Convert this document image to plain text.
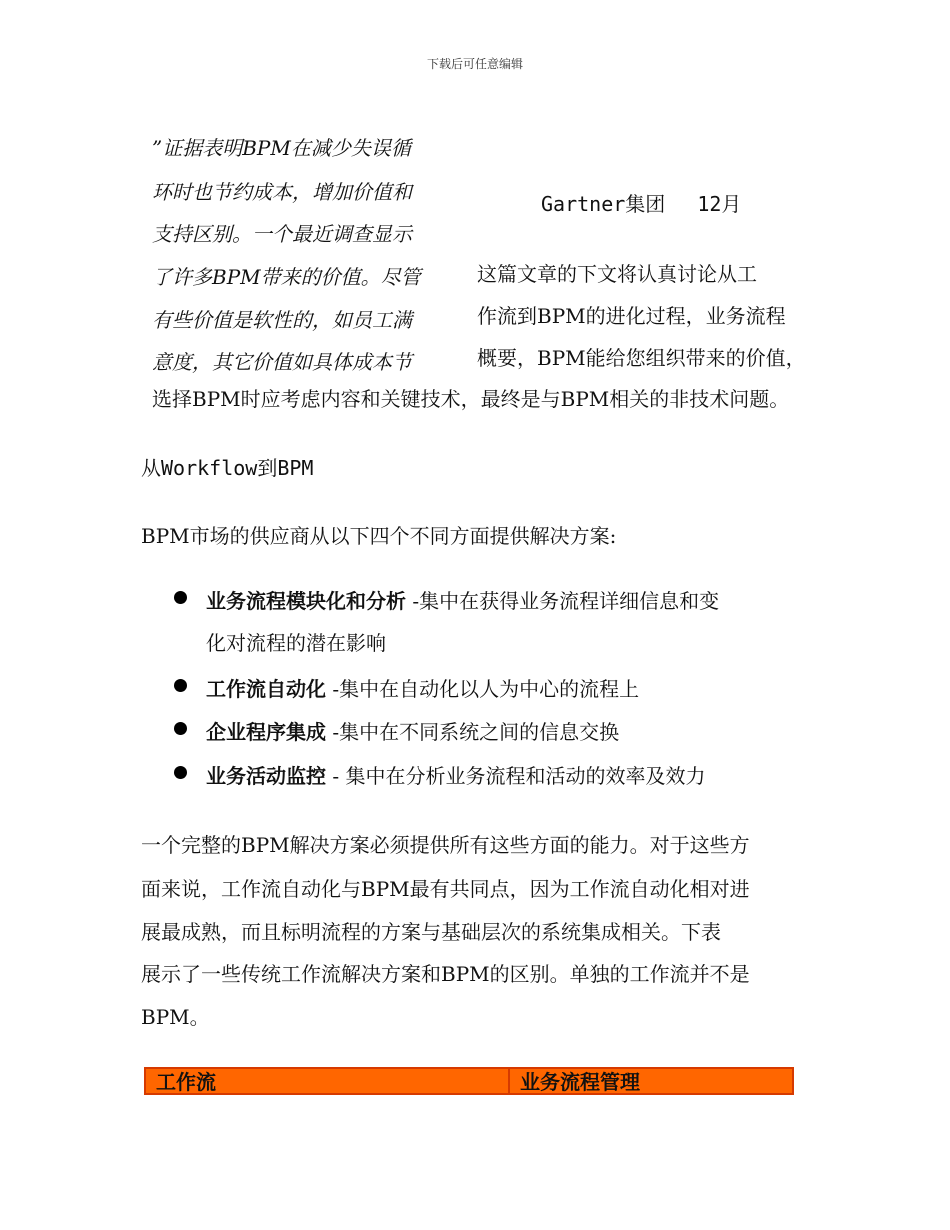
下载后可任意编辑
”证据表明BPM在减少失误循
环时也节约成本，增加价值和
支持区别。一个最近调查显示
了许多BPM带来的价值。尽管
有些价值是软性的，如员工满
意度，其它价值如具体成本节
Gartner集团　 12月
这篇文章的下文将认真讨论从工
作流到BPM的进化过程，业务流程
概要，BPM能给您组织带来的价值，
选择BPM时应考虑内容和关键技术，最终是与BPM相关的非技术问题。
从Workflow到BPM
BPM市场的供应商从以下四个不同方面提供解决方案:
业务流程模块化和分析 -集中在获得业务流程详细信息和变
化对流程的潜在影响
工作流自动化 -集中在自动化以人为中心的流程上
企业程序集成 -集中在不同系统之间的信息交换
业务活动监控 - 集中在分析业务流程和活动的效率及效力
一个完整的BPM解决方案必须提供所有这些方面的能力。对于这些方
面来说，工作流自动化与BPM最有共同点，因为工作流自动化相对进
展最成熟，而且标明流程的方案与基础层次的系统集成相关。下表
展示了一些传统工作流解决方案和BPM的区别。单独的工作流并不是
BPM。
工作流	业务流程管理
